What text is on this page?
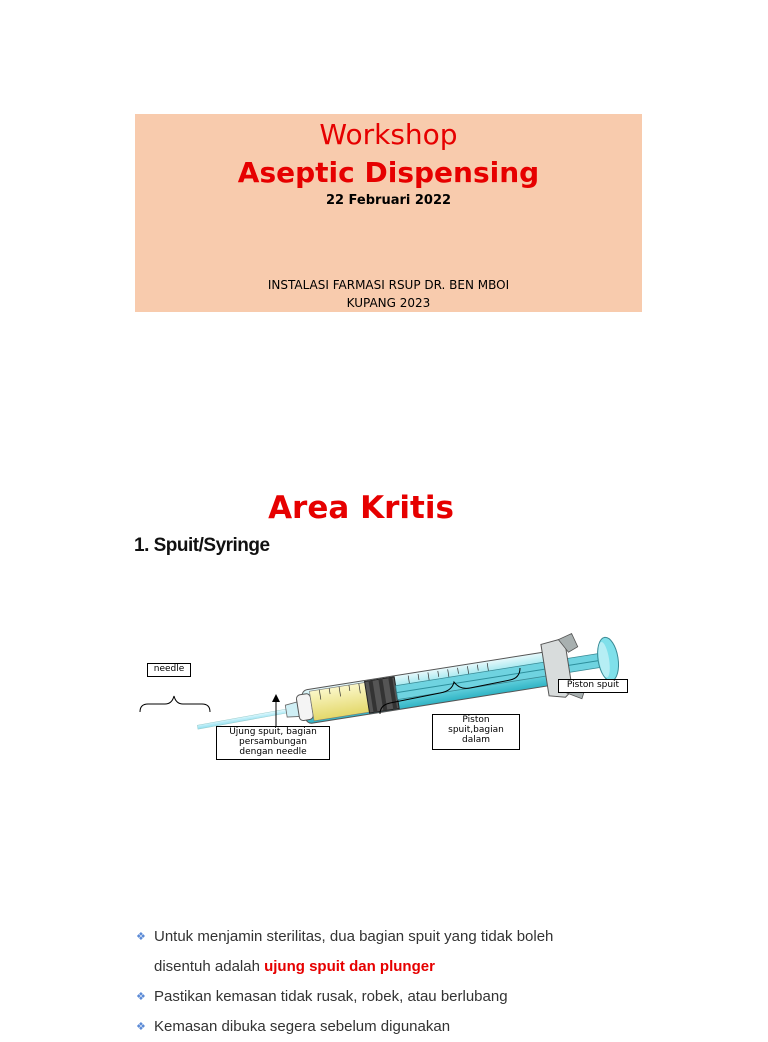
Workshop
Aseptic Dispensing
22 Februari 2022
INSTALASI FARMASI RSUP DR. BEN MBOI
KUPANG 2023
Area Kritis
1. Spuit/Syringe
needle
Ujung spuit, bagian
persambungan
dengan needle
Piston
spuit,bagian
dalam
Piston spuit
❖ Untuk menjamin sterilitas, dua bagian spuit yang tidak boleh
disentuh adalah ujung spuit dan plunger
❖ Pastikan kemasan tidak rusak, robek, atau berlubang
❖ Kemasan dibuka segera sebelum digunakan
